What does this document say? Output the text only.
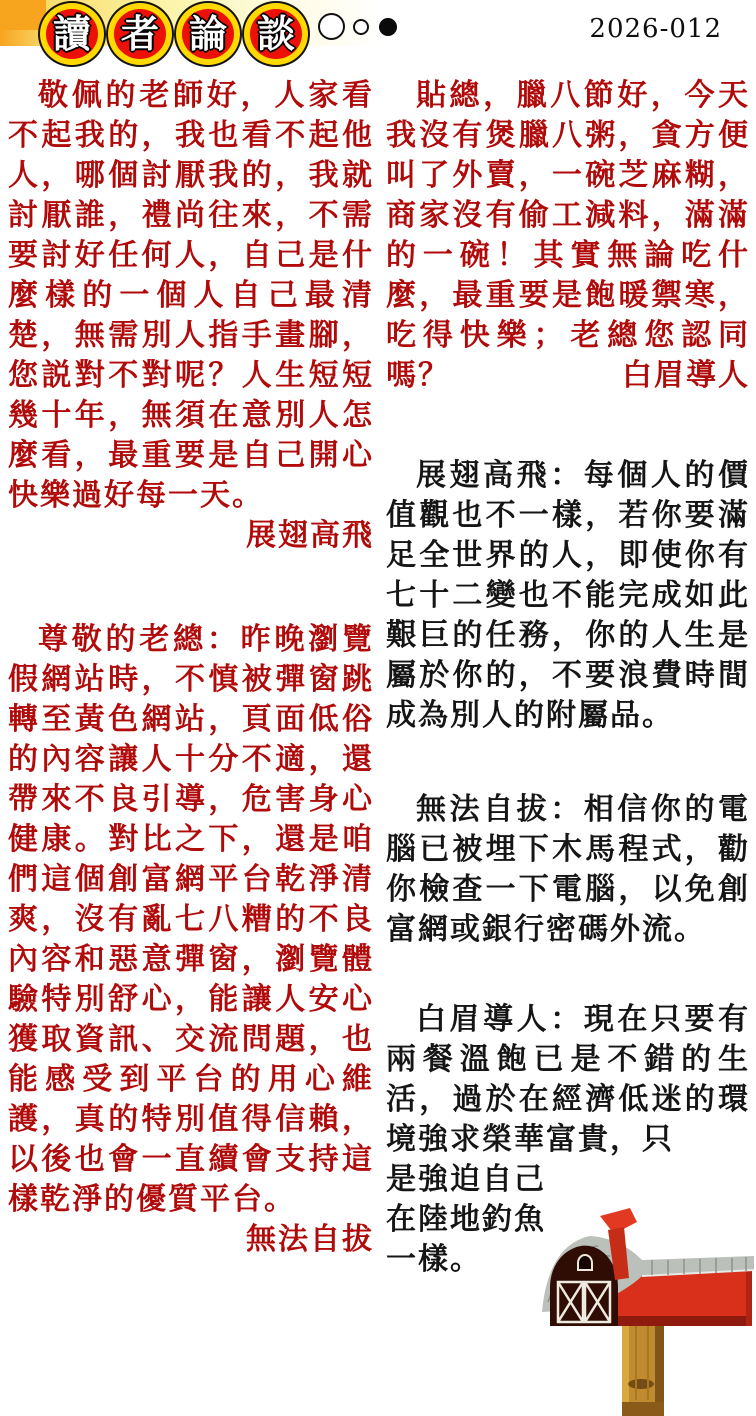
讀 者 論 談	2026-012

敬佩的老師好，人家看不起我的，我也看不起他人，哪個討厭我的，我就討厭誰，禮尚往來，不需要討好任何人，自己是什麼樣的一個人自己最清楚，無需別人指手畫腳，您説對不對呢？人生短短幾十年，無須在意別人怎麼看，最重要是自己開心快樂過好每一天。

展翅高飛

尊敬的老總：昨晚瀏覽假網站時，不慎被彈窗跳轉至黃色網站，頁面低俗的內容讓人十分不適，還帶來不良引導，危害身心健康。對比之下，還是咱們這個創富網平台乾淨清爽，沒有亂七八糟的不良內容和惡意彈窗，瀏覽體驗特別舒心，能讓人安心獲取資訊、交流問題，也能感受到平台的用心維護，真的特別值得信賴，以後也會一直續會支持這樣乾淨的優質平台。

無法自拔

貼總，臘八節好，今天我沒有煲臘八粥，貪方便叫了外賣，一碗芝麻糊，商家沒有偷工減料，滿滿的一碗！其實無論吃什麼，最重要是飽暖禦寒，吃得快樂；老總您認同嗎？	白眉導人

展翅高飛：每個人的價值觀也不一樣，若你要滿足全世界的人，即使你有七十二變也不能完成如此艱巨的任務，你的人生是屬於你的，不要浪費時間成為別人的附屬品。

無法自拔：相信你的電腦已被埋下木馬程式，勸你檢查一下電腦，以免創富網或銀行密碼外流。

白眉導人：現在只要有兩餐溫飽已是不錯的生活，過於在經濟低迷的環境強求榮華富貴，只

是強迫自己在陸地釣魚一樣。
